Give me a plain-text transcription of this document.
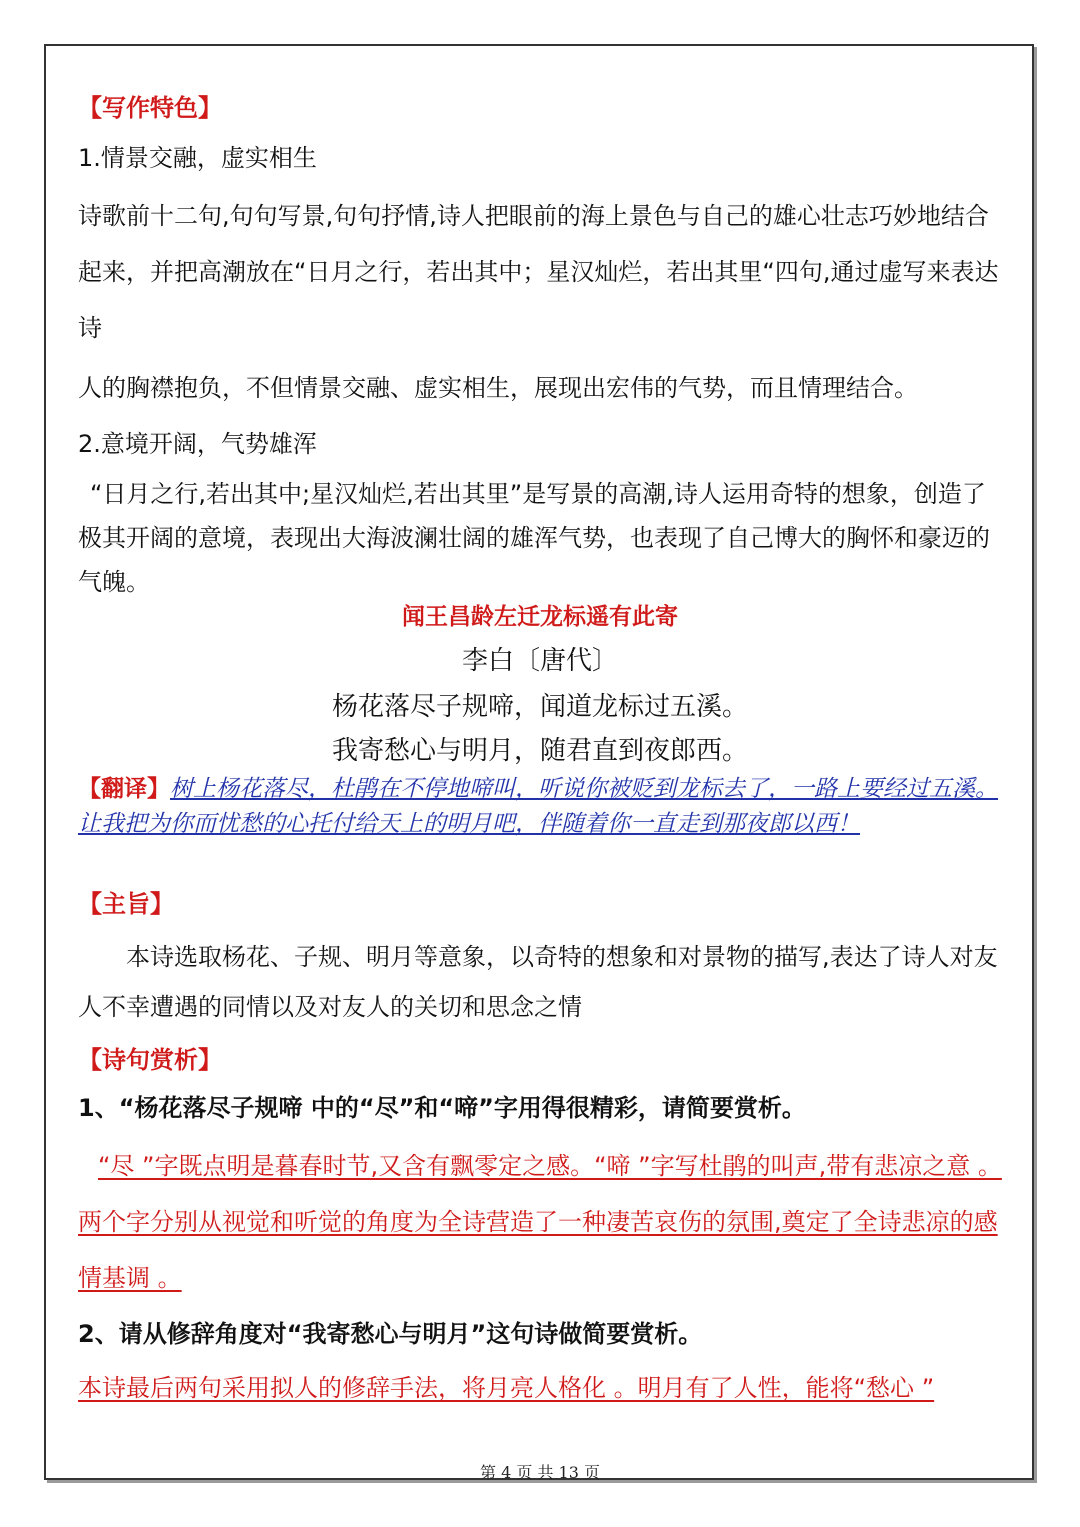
【写作特色】

1.情景交融，虚实相生

诗歌前十二句,句句写景,句句抒情,诗人把眼前的海上景色与自己的雄心壮志巧妙地结合起来，并把高潮放在“日月之行，若出其中；星汉灿烂，若出其里“四句,通过虚写来表达诗

人的胸襟抱负，不但情景交融、虚实相生，展现出宏伟的气势，而且情理结合。

2.意境开阔，气势雄浑

“日月之行,若出其中;星汉灿烂,若出其里”是写景的高潮,诗人运用奇特的想象，创造了极其开阔的意境，表现出大海波澜壮阔的雄浑气势，也表现了自己博大的胸怀和豪迈的气魄。

闻王昌龄左迁龙标遥有此寄

李白〔唐代〕

杨花落尽子规啼，闻道龙标过五溪。

我寄愁心与明月，随君直到夜郎西。

【翻译】树上杨花落尽，杜鹃在不停地啼叫，听说你被贬到龙标去了，一路上要经过五溪。让我把为你而忧愁的心托付给天上的明月吧，伴随着你一直走到那夜郎以西！

【主旨】

本诗选取杨花、子规、明月等意象，以奇特的想象和对景物的描写,表达了诗人对友人不幸遭遇的同情以及对友人的关切和思念之情

【诗句赏析】

1、“杨花落尽子规啼 中的“尽”和“啼”字用得很精彩，请简要赏析。

“尽 ”字既点明是暮春时节,又含有飘零定之感。“啼 ”字写杜鹃的叫声,带有悲凉之意 。两个字分别从视觉和听觉的角度为全诗营造了一种凄苦哀伤的氛围,奠定了全诗悲凉的感情基调 。

2、请从修辞角度对“我寄愁心与明月”这句诗做简要赏析。

本诗最后两句采用拟人的修辞手法，将月亮人格化 。明月有了人性，能将“愁心 ”

第 4 页 共 13 页
